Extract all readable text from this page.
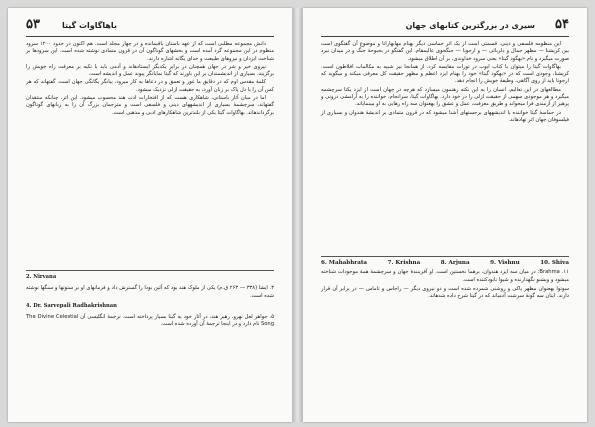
۵۴
سیری در بزرگترین کتابهای جهان

این منظومه فلسفی و دینی، قسمتی است از یک اثر حماسی دیگر بهنام مهابهاراتا و موضوع آن گفتگوی است بین کریشنا — مظهر جمال و دلربائی — و ارجونا — جنگجوی عالیمقام. این گفتگو در بحبوحهٔ جنگ و در میدان نبرد صورت میگیرد و نام «بهگود گیتا» یعنی سرود خداوندی، بر آن اطلاق میشود.

بهاگاوات گیتا را میتوان با کتاب ایوب در تورات مقایسه کرد. از همانجا نیز شبیه به مکالمات افلاطون است. کریشنا، وجودی است که در «بهگود گیتا» خود را بهنام ایزد اعظم و مظهر حقیقت کل معرفی میکند و میگوید که ارجونا باید از روی آگاهی، وظیفهٔ خویش را انجام دهد.

مطالعهای در این تعالیم، انسان را به این نکته رهنمون میسازد که هرچه در جهان است از ایزد یکتا سرچشمه میگیرد و هر موجودی سهمی از حقیقت ازلی را در خود دارد. بهاگاوات گیتا، سرانجام، خواننده را به آرامشی درونی و پرهیز از آزمندی فرا میخواند و طریق معرفت، عمل و عشق را بهعنوان سه راه رهایی به او مینمایاند.

در حماسهٔ گیتا خواننده با اندیشههای برجستهای آشنا میشود که در قرون متمادی بر اندیشهٔ هندوان و بسیاری از فیلسوفان جهان اثر نهادهاند.

6. Mahabhrata	7. Krishna	8. Arjuna	9. Vishnu	10. Shiva

۱۱. Brahma: در میان سه ایزد هندوان، برهما نخستین است. او آفرینندهٔ جهان و سرچشمهٔ همهٔ موجودات شناخته میشود و ویشنو نگهدارنده و شیوا نابودکننده است.

سوتوا بهعنوان مظهر پاکی و روشنی شمرده شده است و دو نیروی دیگر — راجاس و تاماس — در برابر آن قرار دارند. اینان سه گونهٔ سرشت آدمیاند که در گیتا شرح داده شدهاند.

۵۳	باهاگاوات گیتا

دانش مجموعه مطلبی است که از عهد باستان باقیمانده و در چهار مجلد است. هم اکنون در حدود ۱۲۰۰ سرود منظوم در این مجموعه گرد آمده است و بخشهای گوناگون آن در قرون متمادی نوشته شده است. این سرودها بر شناخت ایزدان و نیروهای طبیعت و خدای یگانه اشاره دارند.

نیروی خیر و شر در جهان همچنان در برابر یکدیگر ایستادهاند و آدمی باید با تکیه بر معرفت راه خویش را برگزیند. بسیاری از اندیشمندان بر این باورند که گیتا نمایانگر پیوند عمل و اندیشه است.

کلمهٔ مقدس اوم که در دقایق ما غور و تعمق و در دعاها به کار میرود، بیانگر یگانگی جهان است. گفتهاند که هر کس آن را با دل پاک بر زبان آورد، به حقیقت ازلی نزدیک میشود.

اما در میان آثار باستانی، شاهکاری هست که از افتخارات ادب هند محسوب میشود. این اثر، چنانکه منتقدان گفتهاند، سرچشمهٔ بسیاری از اندیشههای دینی و فلسفی است و مترجمان بزرگ آن را به زبانهای گوناگون برگرداندهاند. بهاگاوات گیتا یکی از بلندترین شاهکارهای ادبی و مذهبی است.

2. Nirvana

۳. ایشا (۳۳۸ — ۲۶۳ ق.م) یکی از ملوک هند بود که آئین بودا را گسترش داد و فرمانهای او بر ستونها و سنگها نوشته شده است.

4. Dr. Sarvepali Radhakrishnan

۵. جواهر لعل نهرو، رهبر هند، در آثار خود به گیتا بسیار پرداخته است. ترجمهٔ انگلیسی آن The Divine Celestial Song نام دارد و در اینجا ترجمهٔ آن آورده شده است.
